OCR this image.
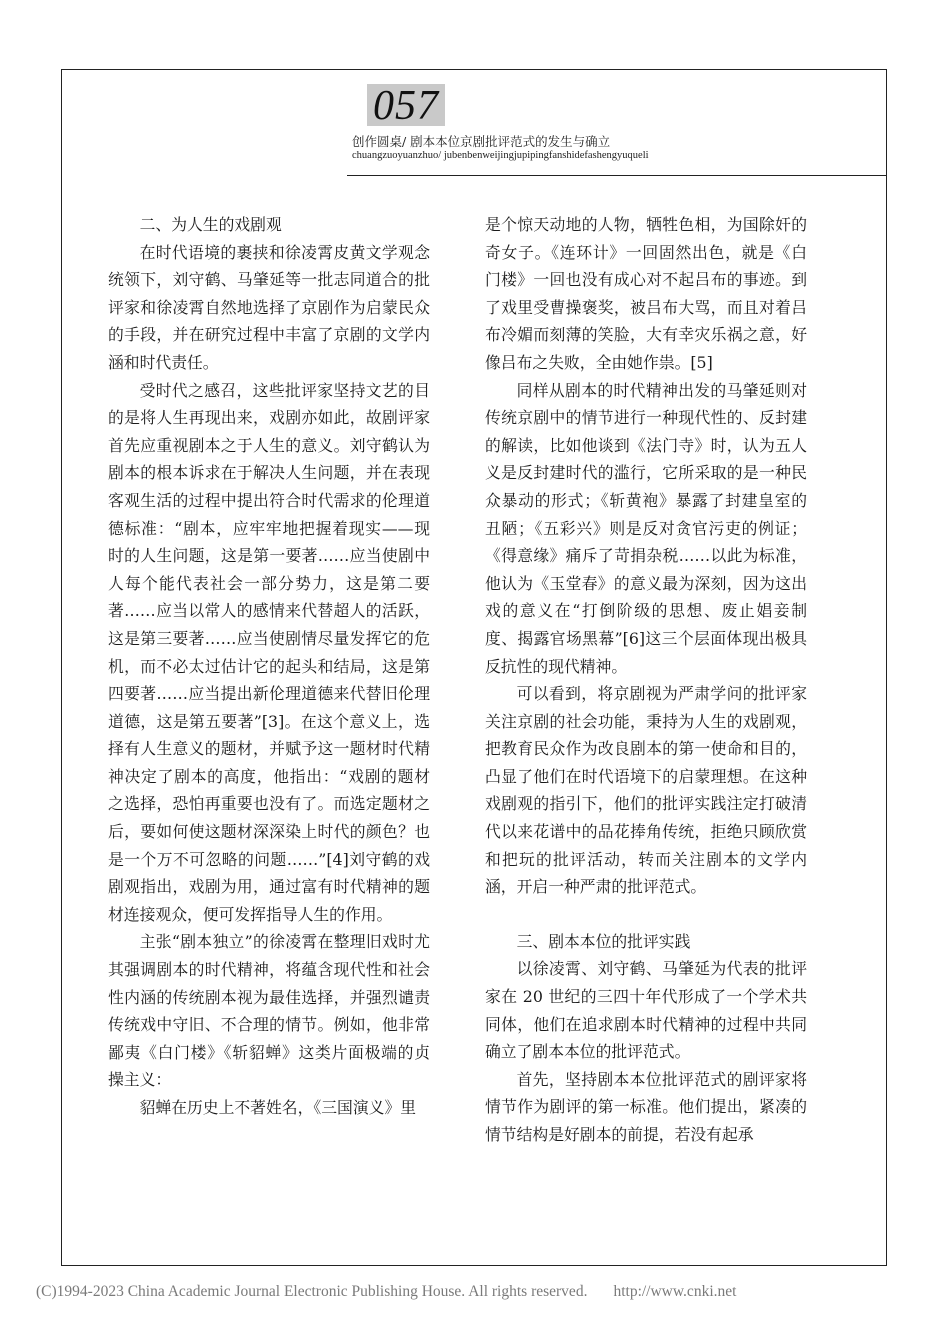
057
创作圆桌/ 剧本本位京剧批评范式的发生与确立
chuangzuoyuanzhuo/ jubenbenweijingjupipingfanshidefashengyuqueli
二、为人生的戏剧观

在时代语境的裹挟和徐凌霄皮黄文学观念统领下，刘守鹤、马肇延等一批志同道合的批评家和徐凌霄自然地选择了京剧作为启蒙民众的手段，并在研究过程中丰富了京剧的文学内涵和时代责任。

受时代之感召，这些批评家坚持文艺的目的是将人生再现出来，戏剧亦如此，故剧评家首先应重视剧本之于人生的意义。刘守鹤认为剧本的根本诉求在于解决人生问题，并在表现客观生活的过程中提出符合时代需求的伦理道德标准：“剧本，应牢牢地把握着现实——现时的人生问题，这是第一要著……应当使剧中人每个能代表社会一部分势力，这是第二要著……应当以常人的感情来代替超人的活跃，这是第三要著……应当使剧情尽量发挥它的危机，而不必太过估计它的起头和结局，这是第四要著……应当提出新伦理道德来代替旧伦理道德，这是第五要著”[3]。在这个意义上，选择有人生意义的题材，并赋予这一题材时代精神决定了剧本的高度，他指出：“戏剧的题材之选择，恐怕再重要也没有了。而选定题材之后，要如何使这题材深深染上时代的颜色？也是一个万不可忽略的问题……”[4]刘守鹤的戏剧观指出，戏剧为用，通过富有时代精神的题材连接观众，便可发挥指导人生的作用。

主张“剧本独立”的徐凌霄在整理旧戏时尤其强调剧本的时代精神，将蕴含现代性和社会性内涵的传统剧本视为最佳选择，并强烈谴责传统戏中守旧、不合理的情节。例如，他非常鄙夷《白门楼》《斩貂蝉》这类片面极端的贞操主义：

貂蝉在历史上不著姓名，《三国演义》里

是个惊天动地的人物，牺牲色相，为国除奸的奇女子。《连环计》一回固然出色，就是《白门楼》一回也没有成心对不起吕布的事迹。到了戏里受曹操褒奖，被吕布大骂，而且对着吕布冷媚而刻薄的笑脸，大有幸灾乐祸之意，好像吕布之失败，全由她作祟。[5]

同样从剧本的时代精神出发的马肇延则对传统京剧中的情节进行一种现代性的、反封建的解读，比如他谈到《法门寺》时，认为五人义是反封建时代的滥行，它所采取的是一种民众暴动的形式；《斩黄袍》暴露了封建皇室的丑陋；《五彩兴》则是反对贪官污吏的例证；《得意缘》痛斥了苛捐杂税……以此为标准，他认为《玉堂春》的意义最为深刻，因为这出戏的意义在“打倒阶级的思想、废止娼妾制度、揭露官场黑幕”[6]这三个层面体现出极具反抗性的现代精神。

可以看到，将京剧视为严肃学问的批评家关注京剧的社会功能，秉持为人生的戏剧观，把教育民众作为改良剧本的第一使命和目的，凸显了他们在时代语境下的启蒙理想。在这种戏剧观的指引下，他们的批评实践注定打破清代以来花谱中的品花捧角传统，拒绝只顾欣赏和把玩的批评活动，转而关注剧本的文学内涵，开启一种严肃的批评范式。

三、剧本本位的批评实践

以徐凌霄、刘守鹤、马肇延为代表的批评家在 20 世纪的三四十年代形成了一个学术共同体，他们在追求剧本时代精神的过程中共同确立了剧本本位的批评范式。

首先，坚持剧本本位批评范式的剧评家将情节作为剧评的第一标准。他们提出，紧凑的情节结构是好剧本的前提，若没有起承

(C)1994-2023 China Academic Journal Electronic Publishing House. All rights reserved. http://www.cnki.net
